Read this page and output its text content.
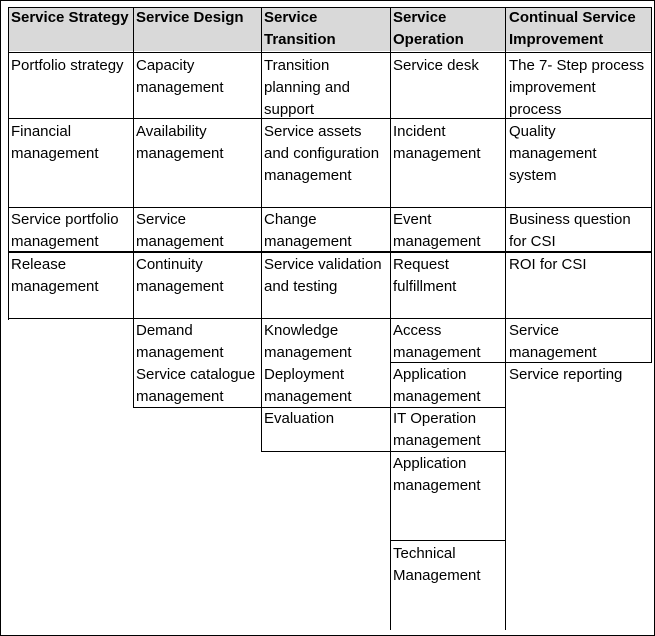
Service Strategy Service Design	Service Transition
Service Operation
Continual Service Improvement
Portfolio strategy
Financial management
Service portfolio management
Release management
Capacity management
Availability management
Service management
Continuity management
Demand management
Service catalogue management
Transition planning and support
Service assets and configuration management
Change management
Service validation and testing
Knowledge management
Deployment management
Evaluation
Service desk
Incident management
Event management
Request fulfillment
Access management
Application management
IT Operation management
Application management
Technical Management
The 7- Step process improvement process
Quality management system
Business question for CSI
ROI for CSI
Service management
Service reporting
